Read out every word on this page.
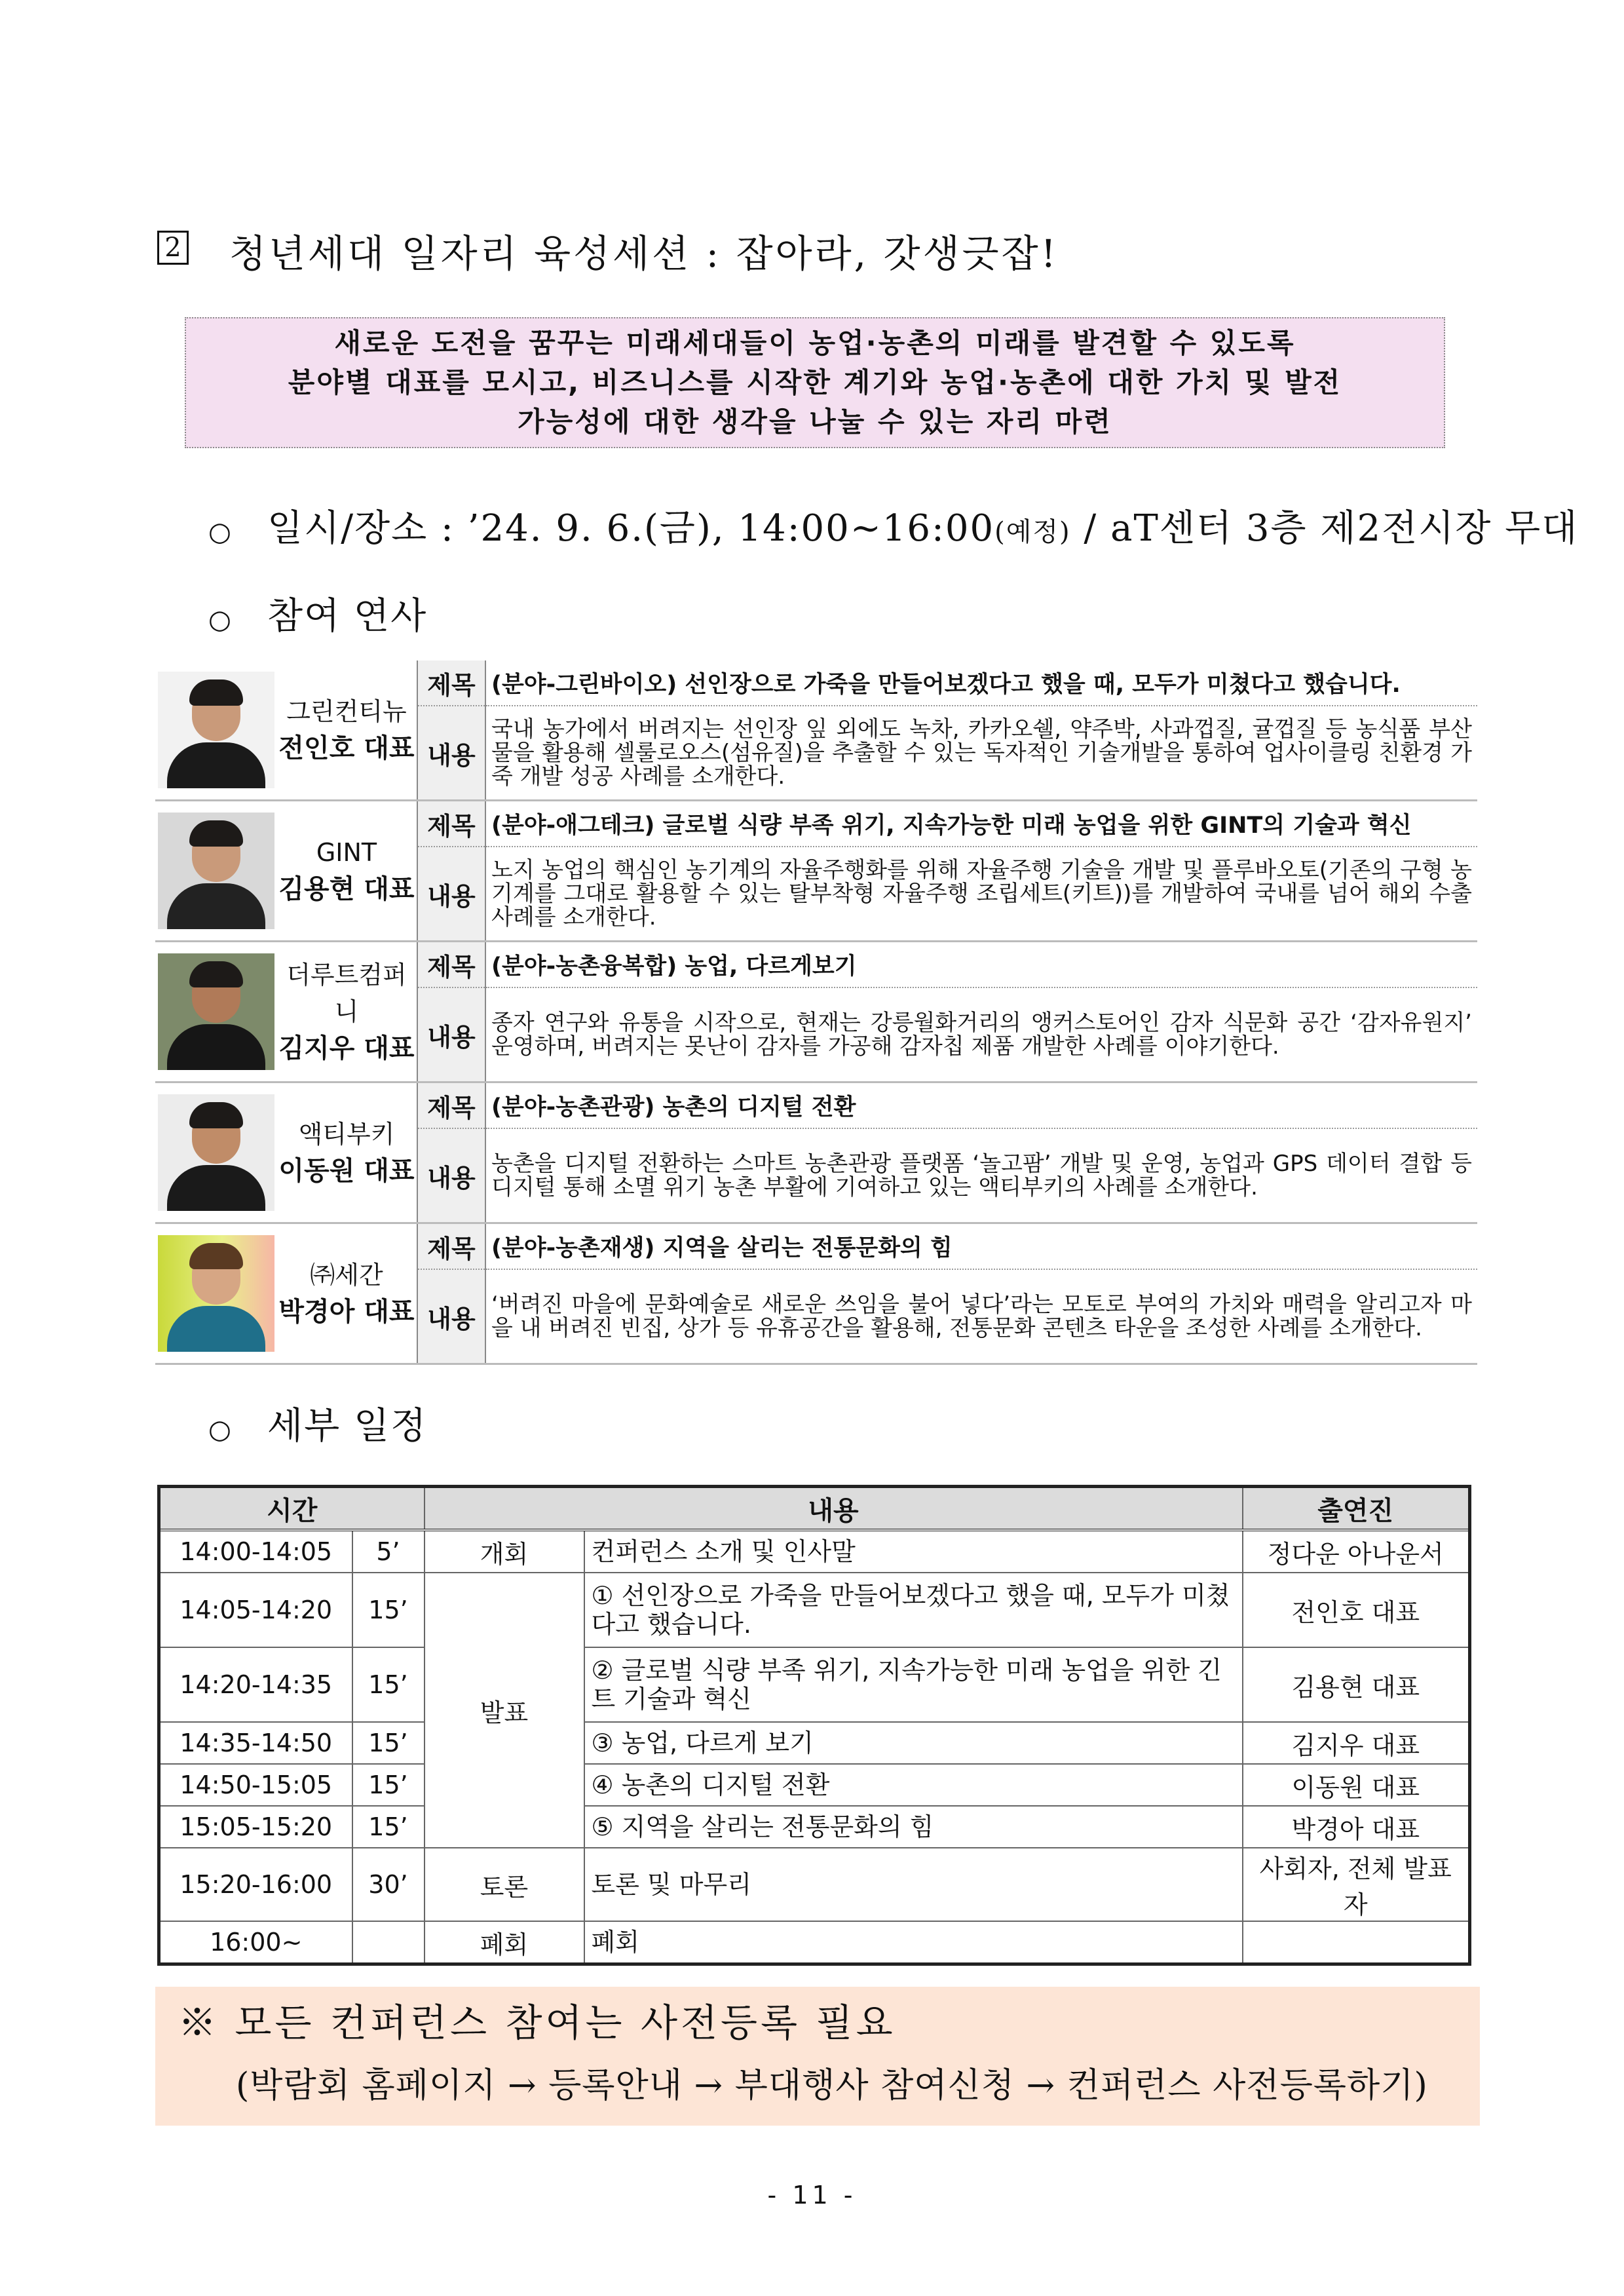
2 청년세대 일자리 육성세션 : 잡아라, 갓생긋잡!
새로운 도전을 꿈꾸는 미래세대들이 농업·농촌의 미래를 발견할 수 있도록
분야별 대표를 모시고, 비즈니스를 시작한 계기와 농업·농촌에 대한 가치 및 발전
가능성에 대한 생각을 나눌 수 있는 자리 마련
○ 일시/장소 : ’24. 9. 6.(금), 14:00~16:00(예정) / aT센터 3층 제2전시장 무대
○ 참여 연사

	그린컨티뉴
전인호 대표	제목	(분야-그린바이오) 선인장으로 가죽을 만들어보겠다고 했을 때, 모두가 미쳤다고 했습니다.
		내용	국내 농가에서 버려지는 선인장 잎 외에도 녹차, 카카오쉘, 약주박, 사과껍질, 귤껍질 등 농식품 부산물을 활용해 셀룰로오스(섬유질)을 추출할 수 있는 독자적인 기술개발을 통하여 업사이클링 친환경 가죽 개발 성공 사례를 소개한다.

	GINT
김용현 대표	제목	(분야-애그테크) 글로벌 식량 부족 위기, 지속가능한 미래 농업을 위한 GINT의 기술과 혁신
		내용	노지 농업의 핵심인 농기계의 자율주행화를 위해 자율주행 기술을 개발 및 플루바오토(기존의 구형 농기계를 그대로 활용할 수 있는 탈부착형 자율주행 조립세트(키트))를 개발하여 국내를 넘어 해외 수출사례를 소개한다.

	더루트컴퍼니
김지우 대표	제목	(분야-농촌융복합) 농업, 다르게보기
		내용	종자 연구와 유통을 시작으로, 현재는 강릉월화거리의 앵커스토어인 감자 식문화 공간 ‘감자유원지’ 운영하며, 버려지는 못난이 감자를 가공해 감자칩 제품 개발한 사례를 이야기한다.

	액티부키
이동원 대표	제목	(분야-농촌관광) 농촌의 디지털 전환
		내용	농촌을 디지털 전환하는 스마트 농촌관광 플랫폼 ‘놀고팜’ 개발 및 운영, 농업과 GPS 데이터 결합 등 디지털 통해 소멸 위기 농촌 부활에 기여하고 있는 액티부키의 사례를 소개한다.

	㈜세간
박경아 대표	제목	(분야-농촌재생) 지역을 살리는 전통문화의 힘
		내용	‘버려진 마을에 문화예술로 새로운 쓰임을 불어 넣다’라는 모토로 부여의 가치와 매력을 알리고자 마을 내 버려진 빈집, 상가 등 유휴공간을 활용해, 전통문화 콘텐츠 타운을 조성한 사례를 소개한다.
○ 세부 일정
시간		내용		출연진
14:00-14:05	5’	개회	컨퍼런스 소개 및 인사말	정다운 아나운서
14:05-14:20	15’	발표	① 선인장으로 가죽을 만들어보겠다고 했을 때, 모두가 미쳤다고 했습니다.	전인호 대표
14:20-14:35	15’		② 글로벌 식량 부족 위기, 지속가능한 미래 농업을 위한 긴트 기술과 혁신	김용현 대표
14:35-14:50	15’		③ 농업, 다르게 보기	김지우 대표
14:50-15:05	15’		④ 농촌의 디지털 전환	이동원 대표
15:05-15:20	15’		⑤ 지역을 살리는 전통문화의 힘	박경아 대표
15:20-16:00	30’	토론	토론 및 마무리	사회자, 전체 발표자
16:00~		폐회	폐회	
※ 모든 컨퍼런스 참여는 사전등록 필요
(박람회 홈페이지 → 등록안내 → 부대행사 참여신청 → 컨퍼런스 사전등록하기)
- 11 -
